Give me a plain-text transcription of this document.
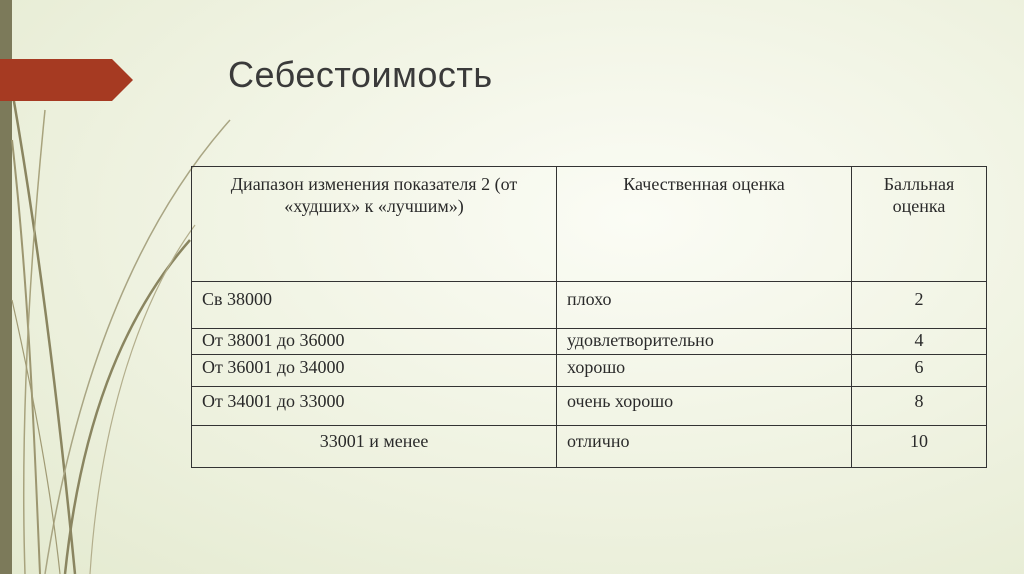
Себестоимость
Диапазон изменения показателя 2 (от «худших» к «лучшим»)	Качественная оценка	Балльная оценка
Св 38000	плохо	2
От 38001 до 36000	удовлетворительно	4
От 36001 до 34000	хорошо	6
От 34001 до 33000	очень хорошо	8
33001 и менее	отлично	10
